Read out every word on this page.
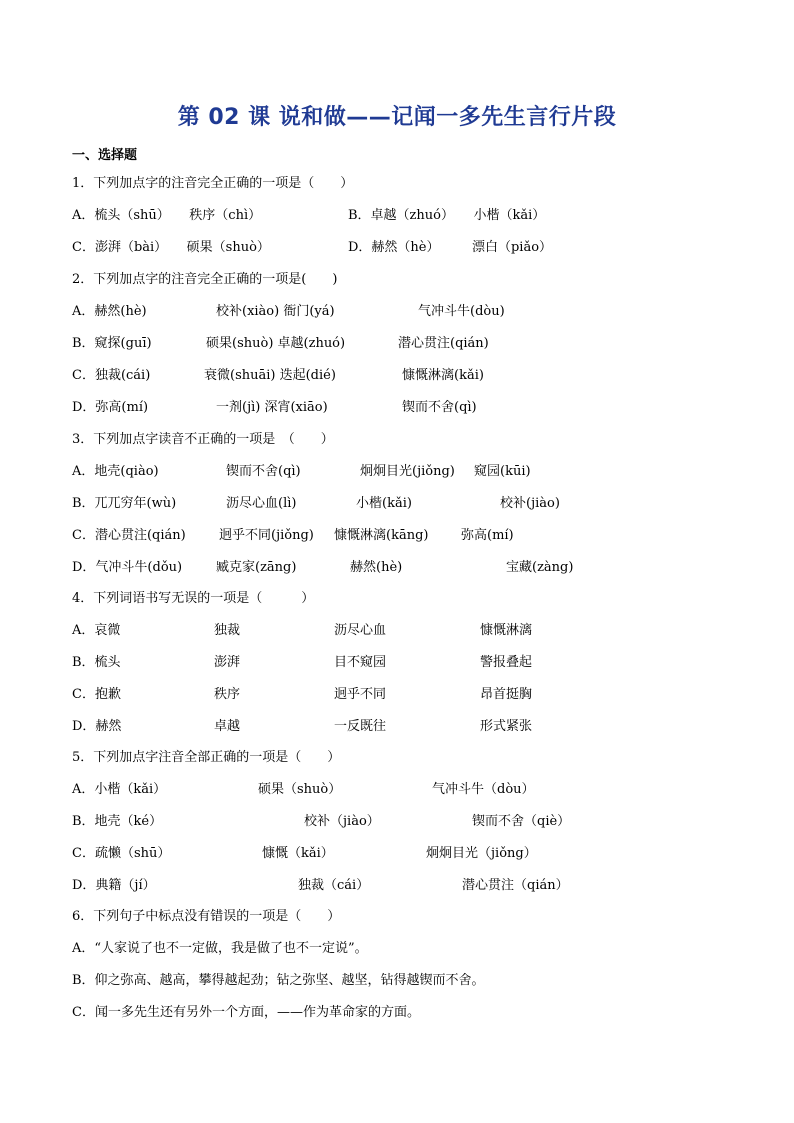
第 02 课 说和做——记闻一多先生言行片段
一、选择题
1．下列加点字的注音完全正确的一项是（　　）
A．梳头（shū）　　秩序（chì）	B．卓越（zhuó）　　小楷（kǎi）
C．澎湃（bài）　　硕果（shuò）	D．赫然（hè）　　　漂白（piǎo）
2．下列加点字的注音完全正确的一项是(　　)
A．赫然(hè)	校补(xiào) 衙门(yá)	气冲斗牛(dòu)
B．窥探(guī)	硕果(shuò) 卓越(zhuó)	潜心贯注(qián)
C．独裁(cái)	衰微(shuāi) 迭起(dié)	慷慨淋漓(kǎi)
D．弥高(mí)	一剂(jì) 深宵(xiāo)	锲而不舍(qì)
3．下列加点字读音不正确的一项是　（　　）
A．地壳(qiào)	锲而不舍(qì)	炯炯目光(jiǒng) 窥园(kūi)
B．兀兀穷年(wù)	沥尽心血(lì)	小楷(kǎi)	校补(jiào)
C．潜心贯注(qián)	迥乎不同(jiǒng) 慷慨淋漓(kāng)	弥高(mí)
D．气冲斗牛(dǒu)	臧克家(zāng)	赫然(hè)	宝藏(zàng)
4．下列词语书写无误的一项是（　　　）
A．哀微	独裁	沥尽心血	慷慨淋漓
B．梳头	澎湃	目不窥园	警报叠起
C．抱歉	秩序	迥乎不同	昂首挺胸
D．赫然	卓越	一反既往	形式紧张
5．下列加点字注音全部正确的一项是（　　）
A．小楷（kǎi）	硕果（shuò）	气冲斗牛（dòu）
B．地壳（ké）	校补（jiào）	锲而不舍（qiè）
C．疏懒（shū）	慷慨（kǎi）	炯炯目光（jiǒng）
D．典籍（jí）	独裁（cái）	潜心贯注（qián）
6．下列句子中标点没有错误的一项是（　　）
A．“人家说了也不一定做，我是做了也不一定说”。
B．仰之弥高、越高，攀得越起劲；钻之弥坚、越坚，钻得越锲而不舍。
C．闻一多先生还有另外一个方面，——作为革命家的方面。
